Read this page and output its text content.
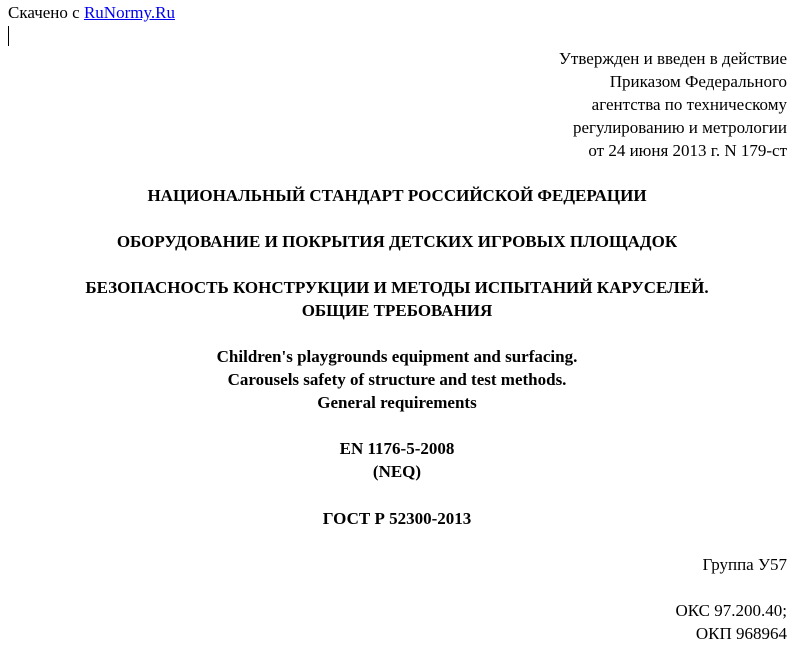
Скачено с RuNormy.Ru
Утвержден и введен в действие
Приказом Федерального
агентства по техническому
регулированию и метрологии
от 24 июня 2013 г. N 179-ст
НАЦИОНАЛЬНЫЙ СТАНДАРТ РОССИЙСКОЙ ФЕДЕРАЦИИ
ОБОРУДОВАНИЕ И ПОКРЫТИЯ ДЕТСКИХ ИГРОВЫХ ПЛОЩАДОК
БЕЗОПАСНОСТЬ КОНСТРУКЦИИ И МЕТОДЫ ИСПЫТАНИЙ КАРУСЕЛЕЙ.
ОБЩИЕ ТРЕБОВАНИЯ
Children's playgrounds equipment and surfacing.
Carousels safety of structure and test methods.
General requirements
EN 1176-5-2008
(NEQ)
ГОСТ Р 52300-2013
Группа У57
ОКС 97.200.40;
ОКП 968964
